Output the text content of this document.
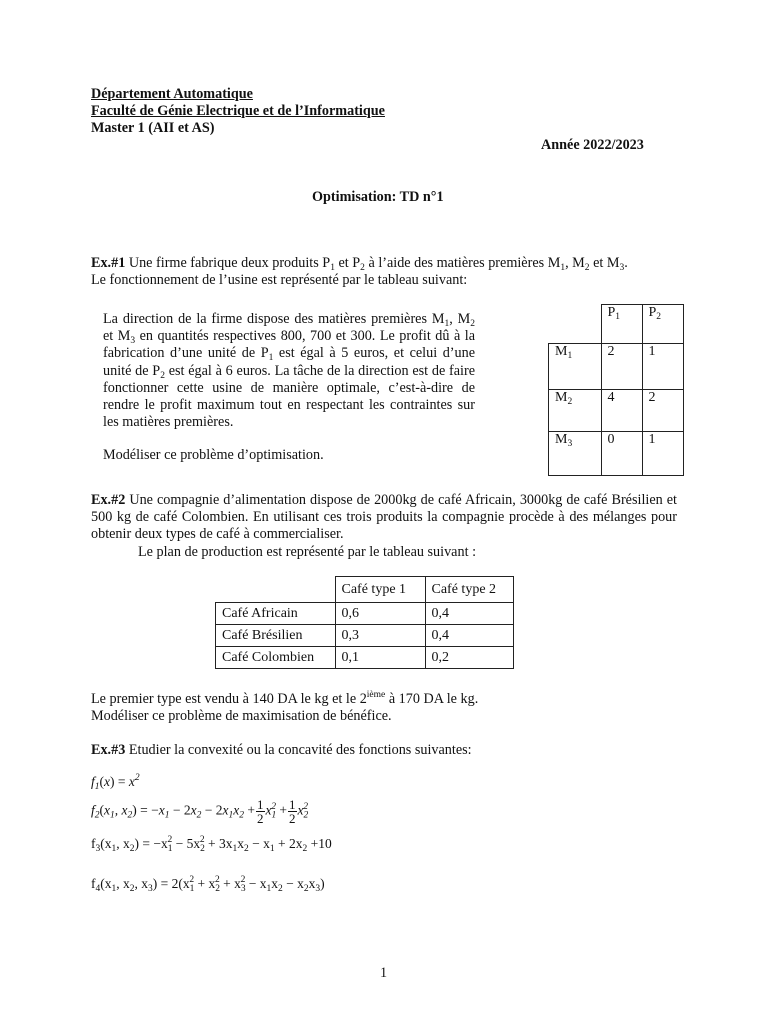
Département Automatique
Faculté de Génie Electrique et de l’Informatique
Master 1 (AII et AS)
Année 2022/2023
Optimisation: TD n°1
Ex.#1 Une firme fabrique deux produits $P_1$ et $P_2$ à l’aide des matières premières $M_1$, $M_2$ et $M_3$.
Le fonctionnement de l’usine est représenté par le tableau suivant:
La direction de la firme dispose des matières premières $M_1$, $M_2$ et $M_3$ en quantités respectives 800, 700 et 300. Le profit dû à la fabrication d’une unité de $P_1$ est égal à 5 euros, et celui d’une unité de $P_2$ est égal à 6 euros. La tâche de la direction est de faire fonctionner cette usine de manière optimale, c’est-à-dire de rendre le profit maximum tout en respectant les contraintes sur les matières premières.
Modéliser ce problème d’optimisation.
	$P_1$	$P_2$
$M_1$	2	1
$M_2$	4	2
$M_3$	0	1
Ex.#2 Une compagnie d’alimentation dispose de 2000kg de café Africain, 3000kg de café Brésilien et 500 kg de café Colombien. En utilisant ces trois produits la compagnie procède à des mélanges pour obtenir deux types de café à commercialiser.
Le plan de production est représenté par le tableau suivant :
	Café type 1	Café type 2
Café Africain	0,6	0,4
Café Brésilien	0,3	0,4
Café Colombien	0,1	0,2
Le premier type est vendu à 140 DA le kg et le 2ième à 170 DA le kg.
Modéliser ce problème de maximisation de bénéfice.
Ex.#3 Etudier la convexité ou la concavité des fonctions suivantes:
$f_1(x) = x^2$
$f_2(x_1$, $x_2) = -x_1 - 2x_2 - 2x_1x_2 + \frac{1}{2} x_1^2 + \frac{1}{2} x_2^2$
$f_3(x_1$, $x_2) = -x_1^2 - 5x_2^2 + 3x_1x_2 - x_1 + 2x_2 +10$
$f_4(x_1$, $x_2$, $x_3) = 2(x_1^2 + x_2^2 + x_3^2 - x_1x_2 - x_2x_3)$
1
